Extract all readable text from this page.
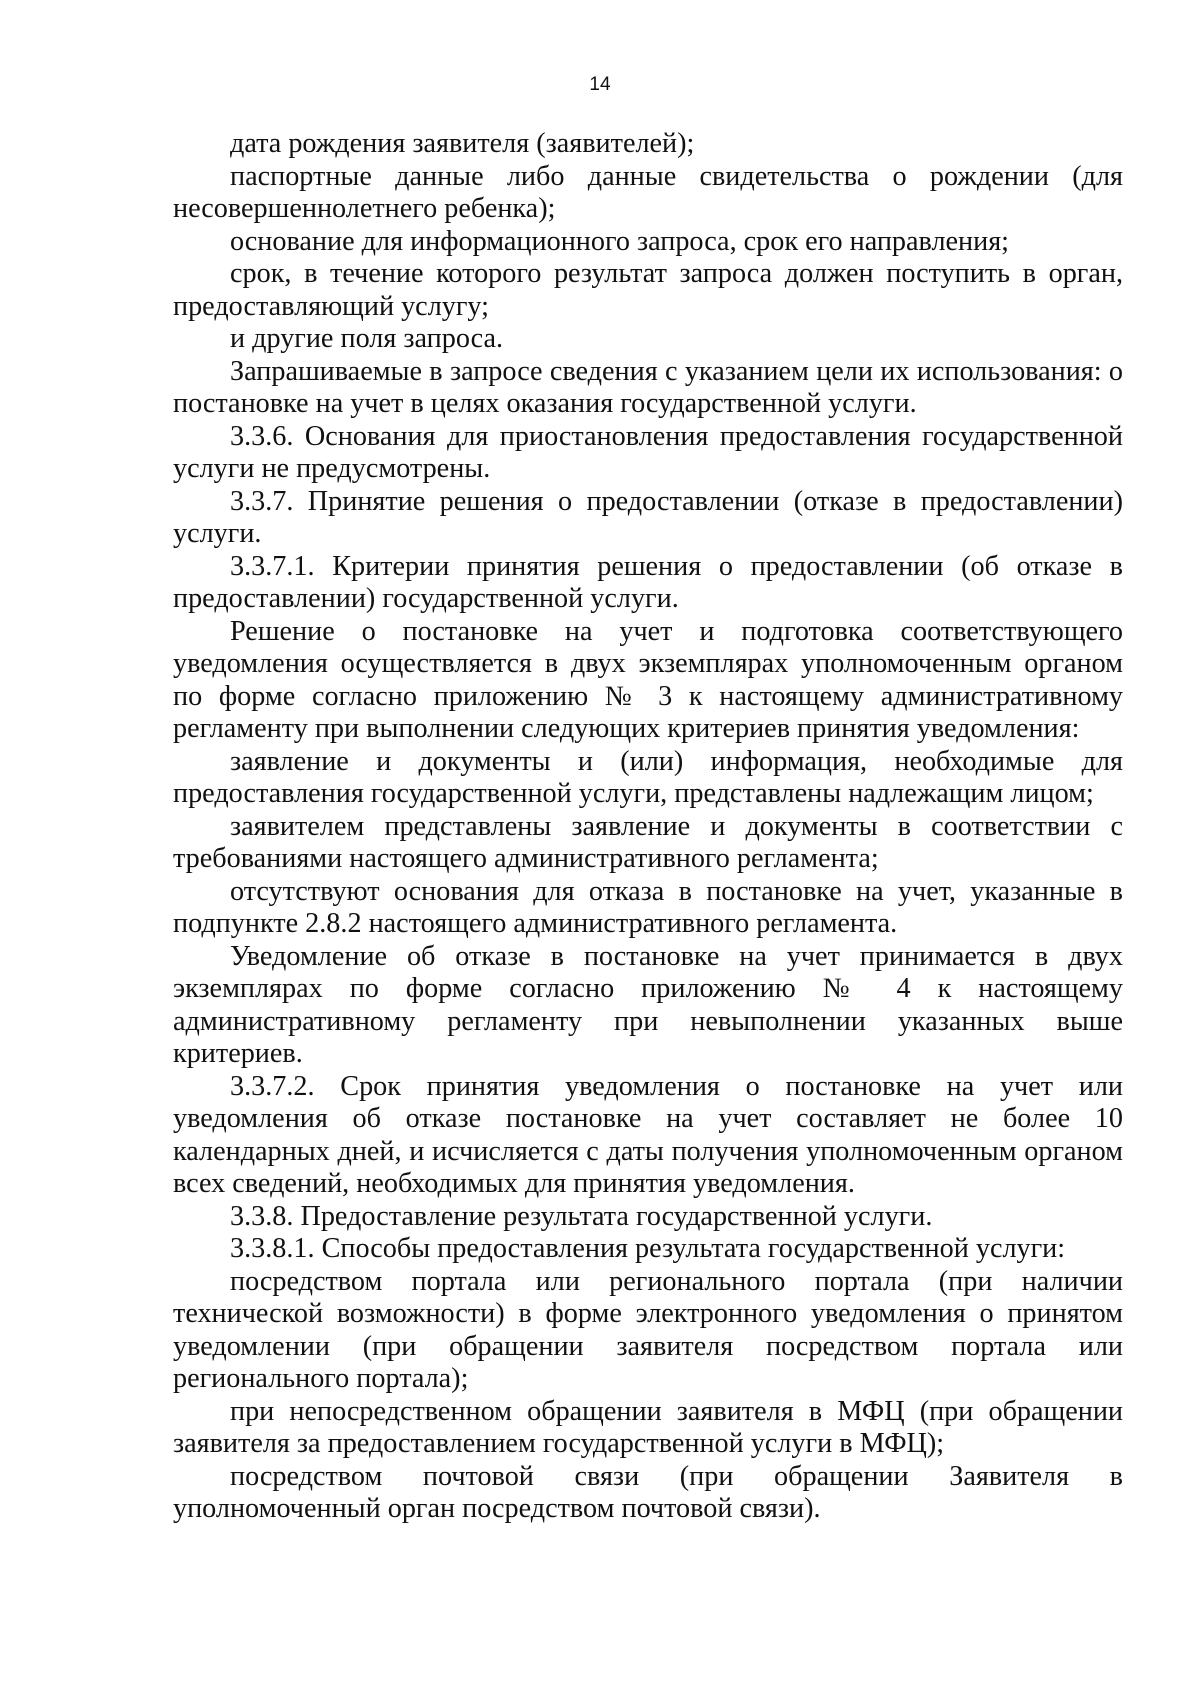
14

дата рождения заявителя (заявителей);

паспортные данные либо данные свидетельства о рождении (для несовершеннолетнего ребенка);

основание для информационного запроса, срок его направления;

срок, в течение которого результат запроса должен поступить в орган, предоставляющий услугу;

и другие поля запроса.

Запрашиваемые в запросе сведения с указанием цели их использования: о постановке на учет в целях оказания государственной услуги.

3.3.6. Основания для приостановления предоставления государственной услуги не предусмотрены.

3.3.7. Принятие решения о предоставлении (отказе в предоставлении) услуги.

3.3.7.1. Критерии принятия решения о предоставлении (об отказе в предоставлении) государственной услуги.

Решение о постановке на учет и подготовка соответствующего уведомления осуществляется в двух экземплярах уполномоченным органом по форме согласно приложению № 3 к настоящему административному регламенту при выполнении следующих критериев принятия уведомления:

заявление и документы и (или) информация, необходимые для предоставления государственной услуги, представлены надлежащим лицом;

заявителем представлены заявление и документы в соответствии с требованиями настоящего административного регламента;

отсутствуют основания для отказа в постановке на учет, указанные в подпункте 2.8.2 настоящего административного регламента.

Уведомление об отказе в постановке на учет принимается в двух экземплярах по форме согласно приложению № 4 к настоящему административному регламенту при невыполнении указанных выше критериев.

3.3.7.2. Срок принятия уведомления о постановке на учет или уведомления об отказе постановке на учет составляет не более 10 календарных дней, и исчисляется с даты получения уполномоченным органом всех сведений, необходимых для принятия уведомления.

3.3.8. Предоставление результата государственной услуги.

3.3.8.1. Способы предоставления результата государственной услуги:

посредством портала или регионального портала (при наличии технической возможности) в форме электронного уведомления о принятом уведомлении (при обращении заявителя посредством портала или регионального портала);

при непосредственном обращении заявителя в МФЦ (при обращении заявителя за предоставлением государственной услуги в МФЦ);

посредством почтовой связи (при обращении Заявителя в уполномоченный орган посредством почтовой связи).
